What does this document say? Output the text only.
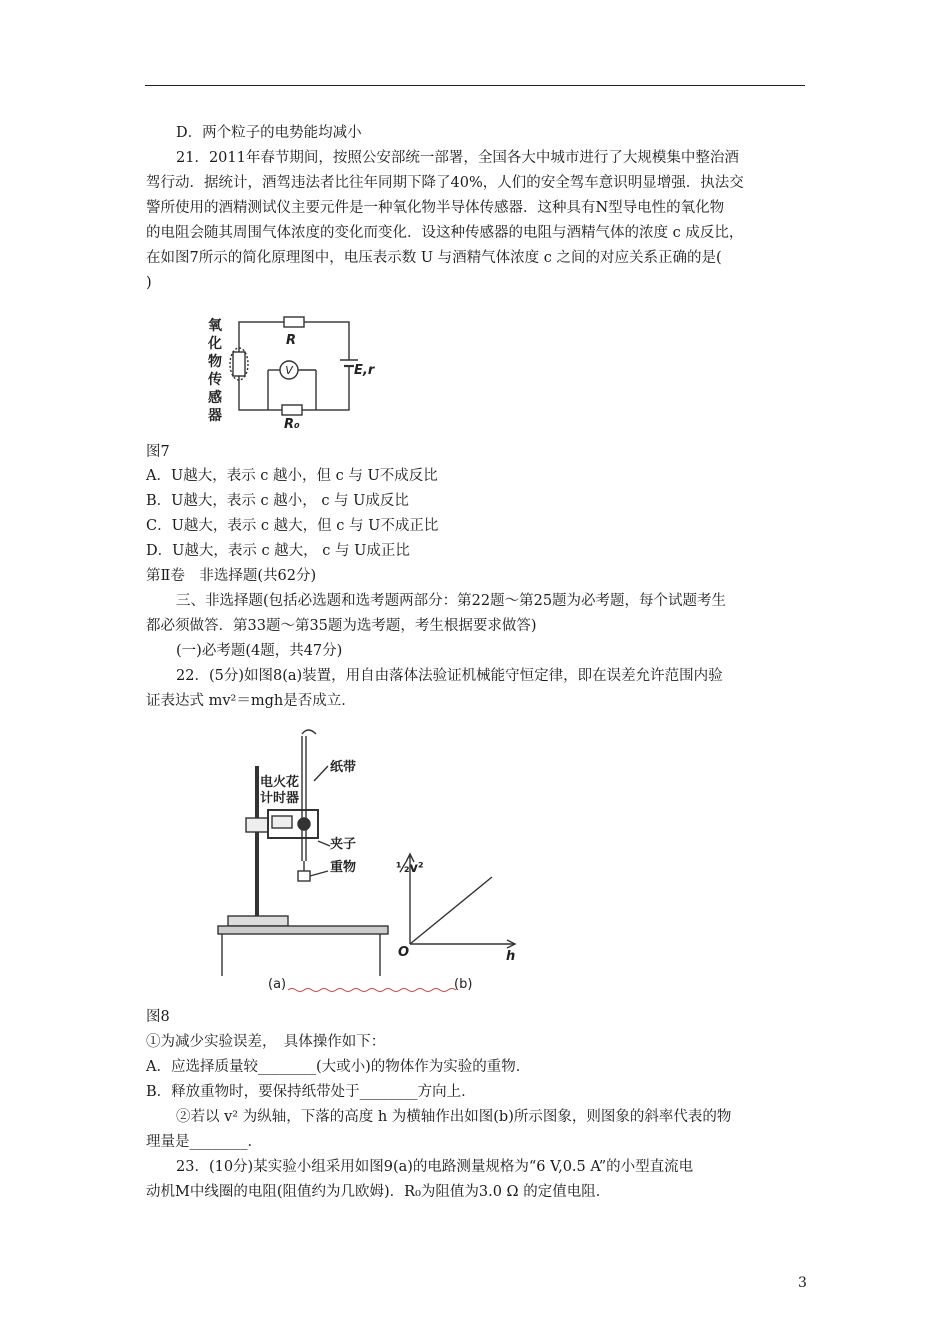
D．两个粒子的电势能均减小
21．2011年春节期间，按照公安部统一部署，全国各大中城市进行了大规模集中整治酒
驾行动．据统计，酒驾违法者比往年同期下降了40%，人们的安全驾车意识明显增强．执法交
警所使用的酒精测试仪主要元件是一种氧化物半导体传感器．这种具有N型导电性的氧化物
的电阻会随其周围气体浓度的变化而变化．设这种传感器的电阻与酒精气体的浓度 c 成反比，
在如图7所示的简化原理图中，电压表示数 U 与酒精气体浓度 c 之间的对应关系正确的是(
)
V
R
E,r
R₀
氧
化
物
传
感
器
图7
A．U越大，表示 c 越小，但 c 与 U不成反比
B．U越大，表示 c 越小， c 与 U成反比
C．U越大，表示 c 越大，但 c 与 U不成正比
D．U越大，表示 c 越大， c 与 U成正比
第Ⅱ卷　非选择题(共62分)
三、非选择题(包括必选题和选考题两部分：第22题～第25题为必考题，每个试题考生
都必须做答．第33题～第35题为选考题，考生根据要求做答)
(一)必考题(4题，共47分)
22．(5分)如图8(a)装置，用自由落体法验证机械能守恒定律，即在误差允许范围内验
证表达式 mv²＝mgh是否成立．
电火花
计时器
纸带
夹子
重物	½v²
O	h
(a)	(b)
图8
①为减少实验误差，　具体操作如下：
A．应选择质量较________(大或小)的物体作为实验的重物．
B．释放重物时，要保持纸带处于________方向上．
②若以 v² 为纵轴，下落的高度 h 为横轴作出如图(b)所示图象，则图象的斜率代表的物
理量是________．
23．(10分)某实验小组采用如图9(a)的电路测量规格为“6 V,0.5 A”的小型直流电
动机M中线圈的电阻(阻值约为几欧姆)．R₀为阻值为3.0 Ω 的定值电阻．
3
